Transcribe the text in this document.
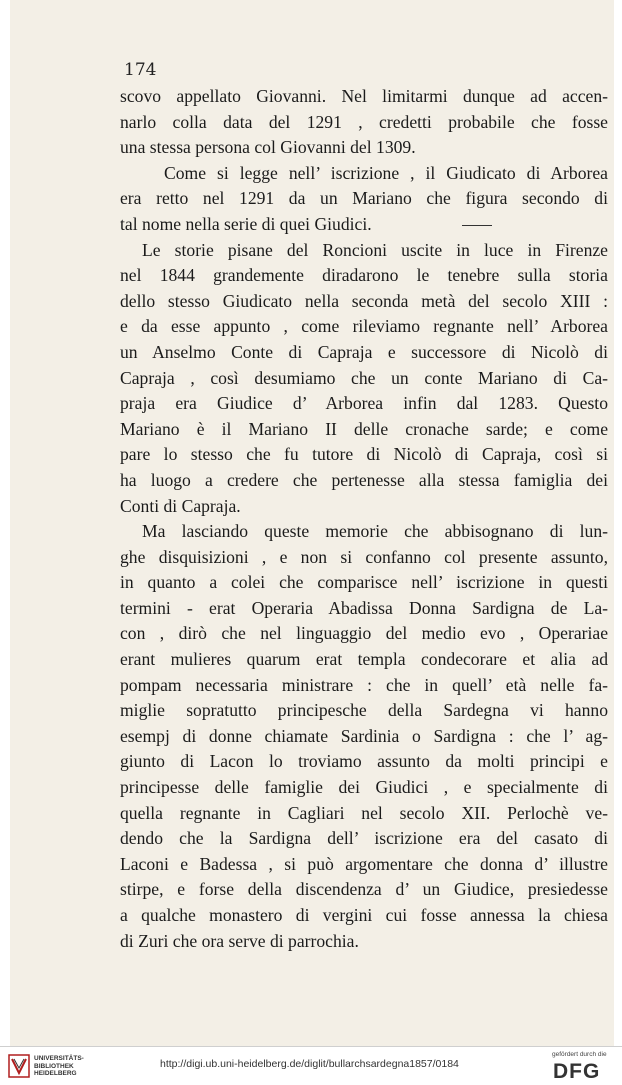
174
scovo appellato Giovanni. Nel limitarmi dunque ad accen-
narlo colla data del 1291 , credetti probabile che fosse
una stessa persona col Giovanni del 1309.
Come si legge nell’ iscrizione , il Giudicato di Arborea
era retto nel 1291 da un Mariano che figura secondo di
tal nome nella serie di quei Giudici.
Le storie pisane del Roncioni uscite in luce in Firenze
nel 1844 grandemente diradarono le tenebre sulla storia
dello stesso Giudicato nella seconda metà del secolo XIII :
e da esse appunto , come rileviamo regnante nell’ Arborea
un Anselmo Conte di Capraja e successore di Nicolò di
Capraja , così desumiamo che un conte Mariano di Ca-
praja era Giudice d’ Arborea infin dal 1283. Questo
Mariano è il Mariano II delle cronache sarde; e come
pare lo stesso che fu tutore di Nicolò di Capraja, così si
ha luogo a credere che pertenesse alla stessa famiglia dei
Conti di Capraja.
Ma lasciando queste memorie che abbisognano di lun-
ghe disquisizioni , e non si confanno col presente assunto,
in quanto a colei che comparisce nell’ iscrizione in questi
termini - erat Operaria Abadissa Donna Sardigna de La-
con , dirò che nel linguaggio del medio evo , Operariae
erant mulieres quarum erat templa condecorare et alia ad
pompam necessaria ministrare : che in quell’ età nelle fa-
miglie sopratutto principesche della Sardegna vi hanno
esempj di donne chiamate Sardinia o Sardigna : che l’ ag-
giunto di Lacon lo troviamo assunto da molti principi e
principesse delle famiglie dei Giudici , e specialmente di
quella regnante in Cagliari nel secolo XII. Perlochè ve-
dendo che la Sardigna dell’ iscrizione era del casato di
Laconi e Badessa , si può argomentare che donna d’ illustre
stirpe, e forse della discendenza d’ un Giudice, presiedesse
a qualche monastero di vergini cui fosse annessa la chiesa
di Zuri che ora serve di parrochia.
UNIVERSITÄTS-
BIBLIOTHEK
HEIDELBERG
http://digi.ub.uni-heidelberg.de/diglit/bullarchsardegna1857/0184
gefördert durch die
DFG
